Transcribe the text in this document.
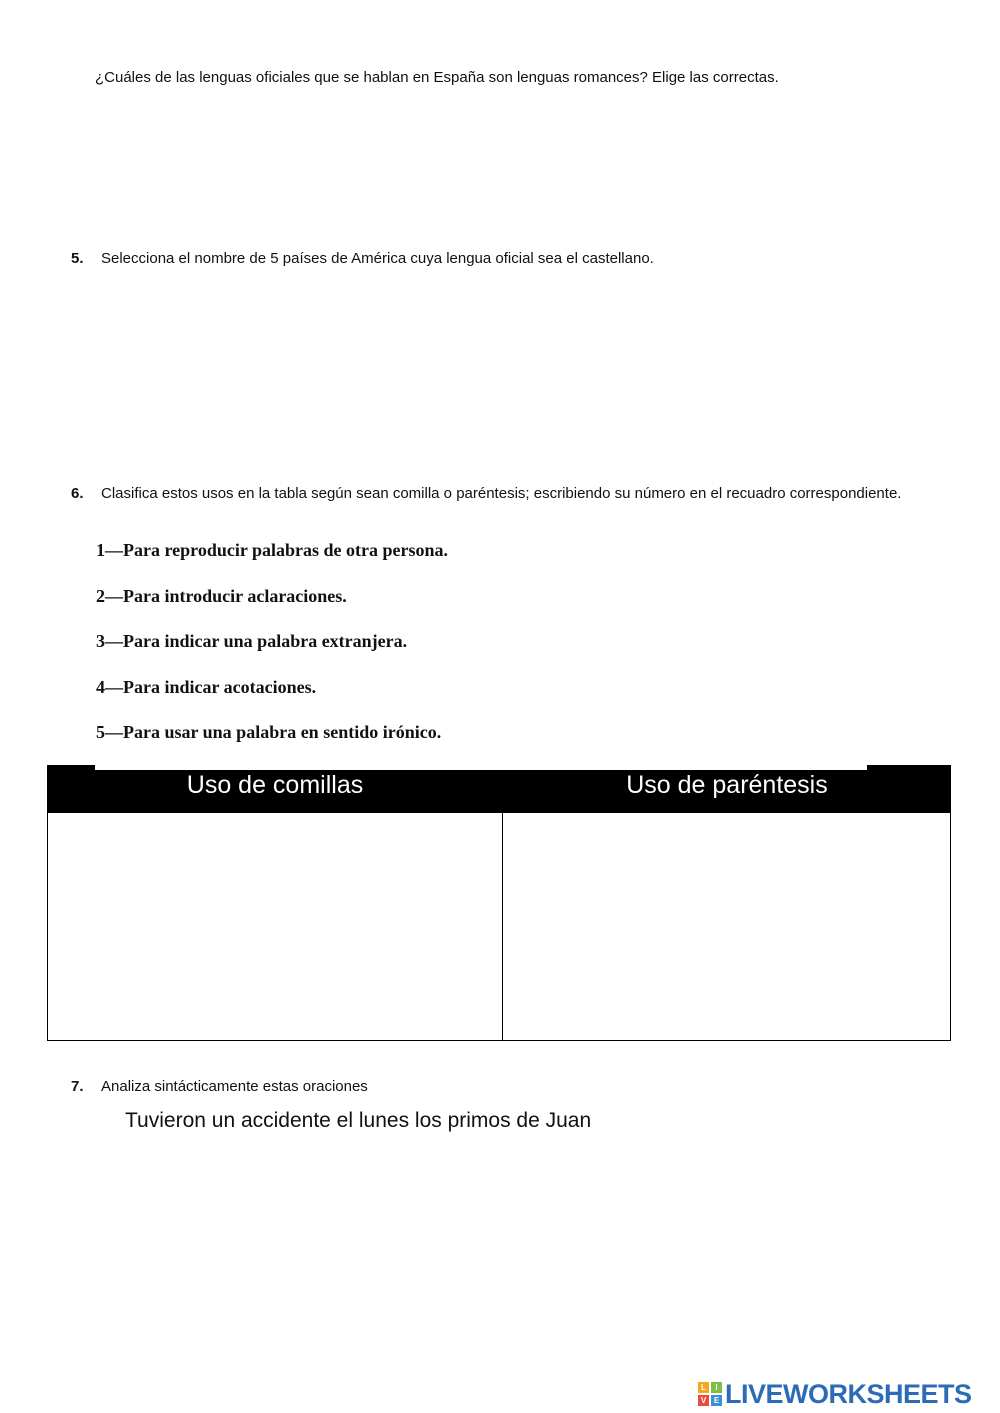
¿Cuáles de las lenguas oficiales que se hablan en España son lenguas romances? Elige las correctas.
5. Selecciona el nombre de 5 países de América cuya lengua oficial sea el castellano.
6. Clasifica estos usos en la tabla según sean comilla o paréntesis; escribiendo su número en el recuadro correspondiente.
1—Para reproducir palabras de otra persona.
2—Para introducir aclaraciones.
3—Para indicar una palabra extranjera.
4—Para indicar acotaciones.
5—Para usar una palabra en sentido irónico.
Uso de comillas	Uso de paréntesis
7. Analiza sintácticamente estas oraciones
Tuvieron un accidente el lunes los primos de Juan
L	I
V E LIVEWORKSHEETS
